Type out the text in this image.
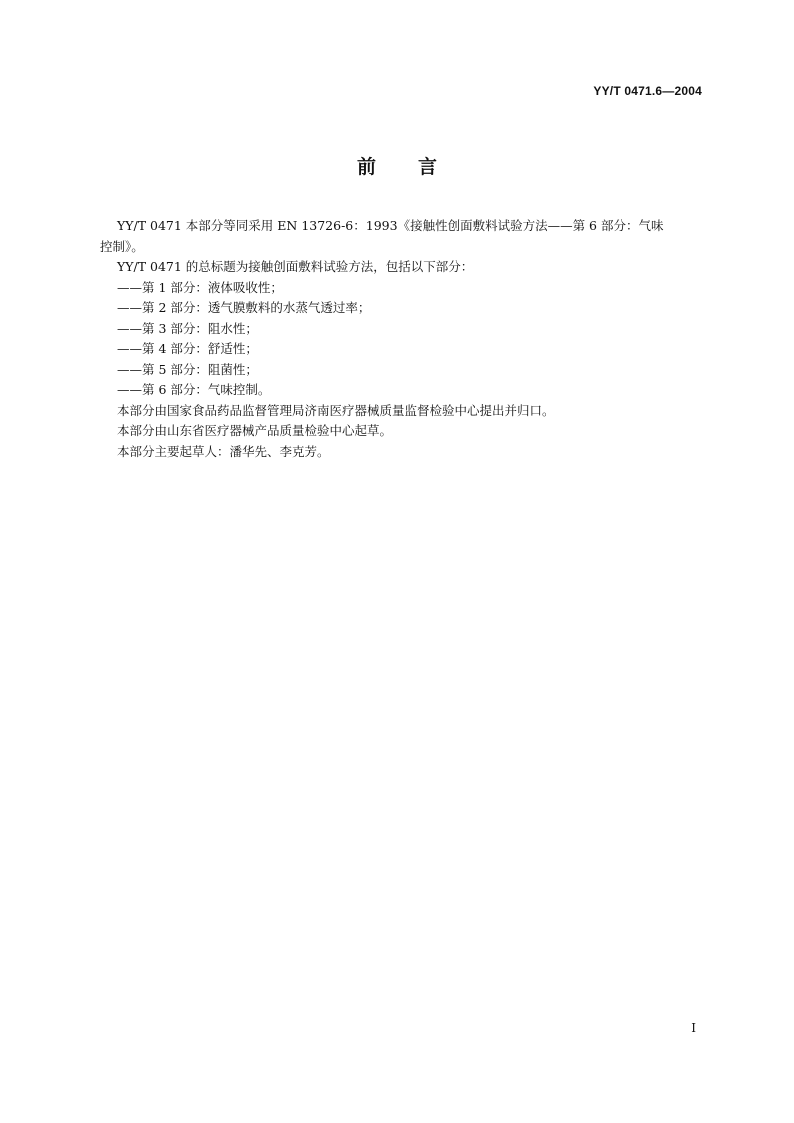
YY/T 0471.6—2004
前言

YY/T 0471 本部分等同采用 EN 13726-6：1993《接触性创面敷料试验方法——第 6 部分：气味

控制》。

YY/T 0471 的总标题为接触创面敷料试验方法，包括以下部分：

——第 1 部分：液体吸收性；

——第 2 部分：透气膜敷料的水蒸气透过率；

——第 3 部分：阻水性；

——第 4 部分：舒适性；

——第 5 部分：阻菌性；

——第 6 部分：气味控制。

本部分由国家食品药品监督管理局济南医疗器械质量监督检验中心提出并归口。

本部分由山东省医疗器械产品质量检验中心起草。

本部分主要起草人：潘华先、李克芳。

I
